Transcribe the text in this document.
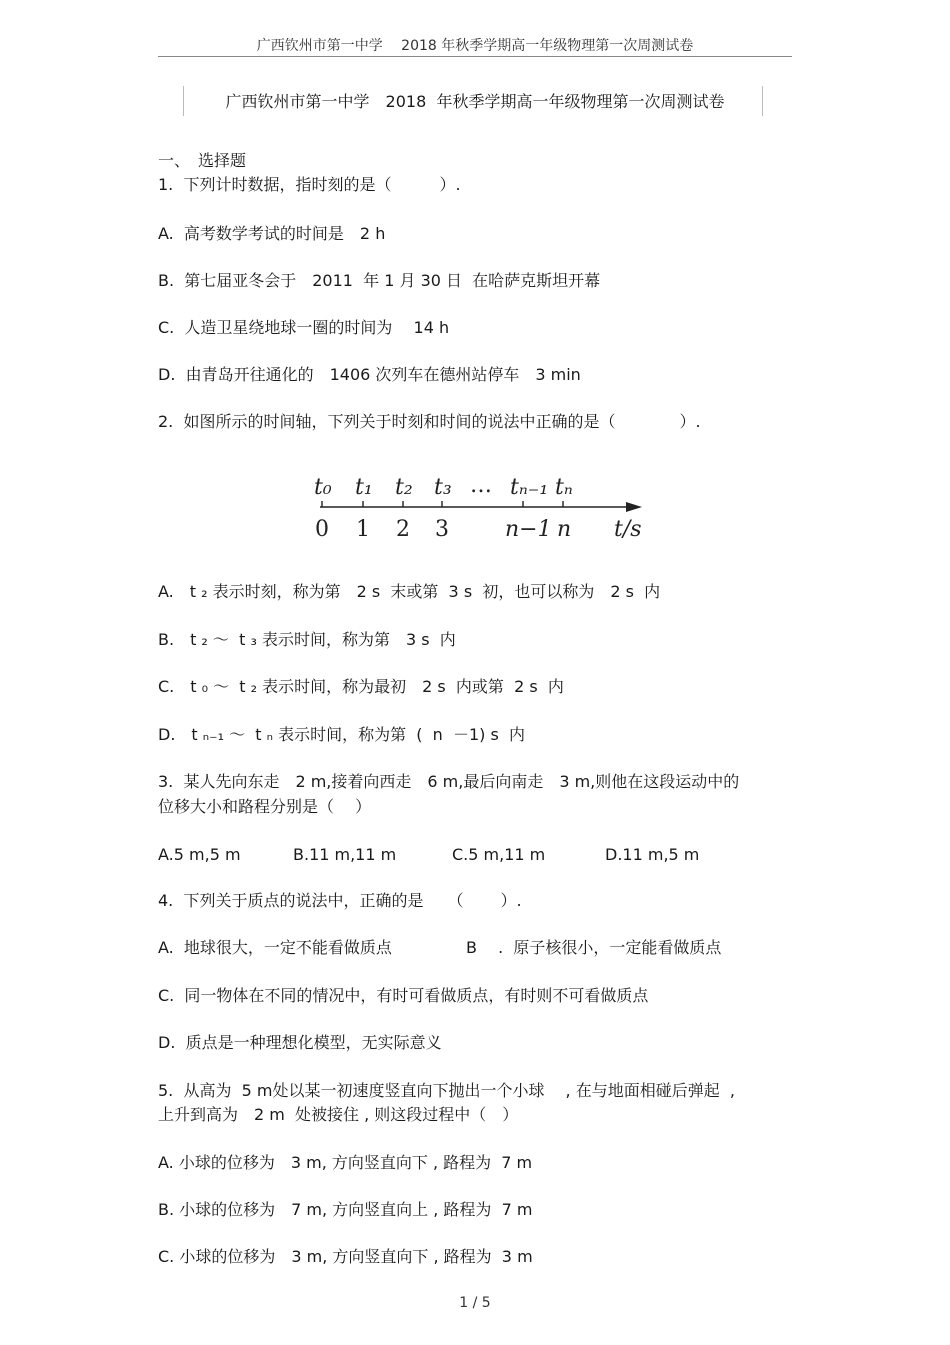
广西钦州市第一中学　 2018 年秋季学期高一年级物理第一次周测试卷
广西钦州市第一中学　2018  年秋季学期高一年级物理第一次周测试卷
一、　选择题
1.  下列计时数据，指时刻的是（　　　）.
A.  高考数学考试的时间是　2 h
B.  第七届亚冬会于　2011  年 1 月 30 日  在哈萨克斯坦开幕
C.  人造卫星绕地球一圈的时间为　 14 h
D.  由青岛开往通化的　1406 次列车在德州站停车　3 min
2.  如图所示的时间轴，下列关于时刻和时间的说法中正确的是（　　　　）.
t₀ t₁ t₂ t₃ … tₙ₋₁ tₙ
0 1 2 3	n−1 n t/s
A.　t ₂ 表示时刻，称为第　2 s  末或第  3 s  初，也可以称为　2 s  内
B.　t ₂ ～  t ₃ 表示时间，称为第　3 s  内
C.　t ₀ ～  t ₂ 表示时间，称为最初　2 s  内或第  2 s  内
D.　t ₙ₋₁ ～  t ₙ 表示时间，称为第  (  n  －1) s  内
3.  某人先向东走　2 m,接着向西走　6 m,最后向南走　3 m,则他在这段运动中的
位移大小和路程分别是（　 ）
A.5 m,5 m	B.11 m,11 m	C.5 m,11 m	D.11 m,5 m
4.  下列关于质点的说法中，正确的是　　（　　 ）.
A.  地球很大，一定不能看做质点	B　 .  原子核很小，一定能看做质点
C.  同一物体在不同的情况中，有时可看做质点，有时则不可看做质点
D.  质点是一种理想化模型，无实际意义
5.  从高为  5 m处以某一初速度竖直向下抛出一个小球　 , 在与地面相碰后弹起  ,
上升到高为　2 m  处被接住 , 则这段过程中（　）
A. 小球的位移为　3 m, 方向竖直向下 , 路程为  7 m
B. 小球的位移为　7 m, 方向竖直向上 , 路程为  7 m
C. 小球的位移为　3 m, 方向竖直向下 , 路程为  3 m
1 / 5
